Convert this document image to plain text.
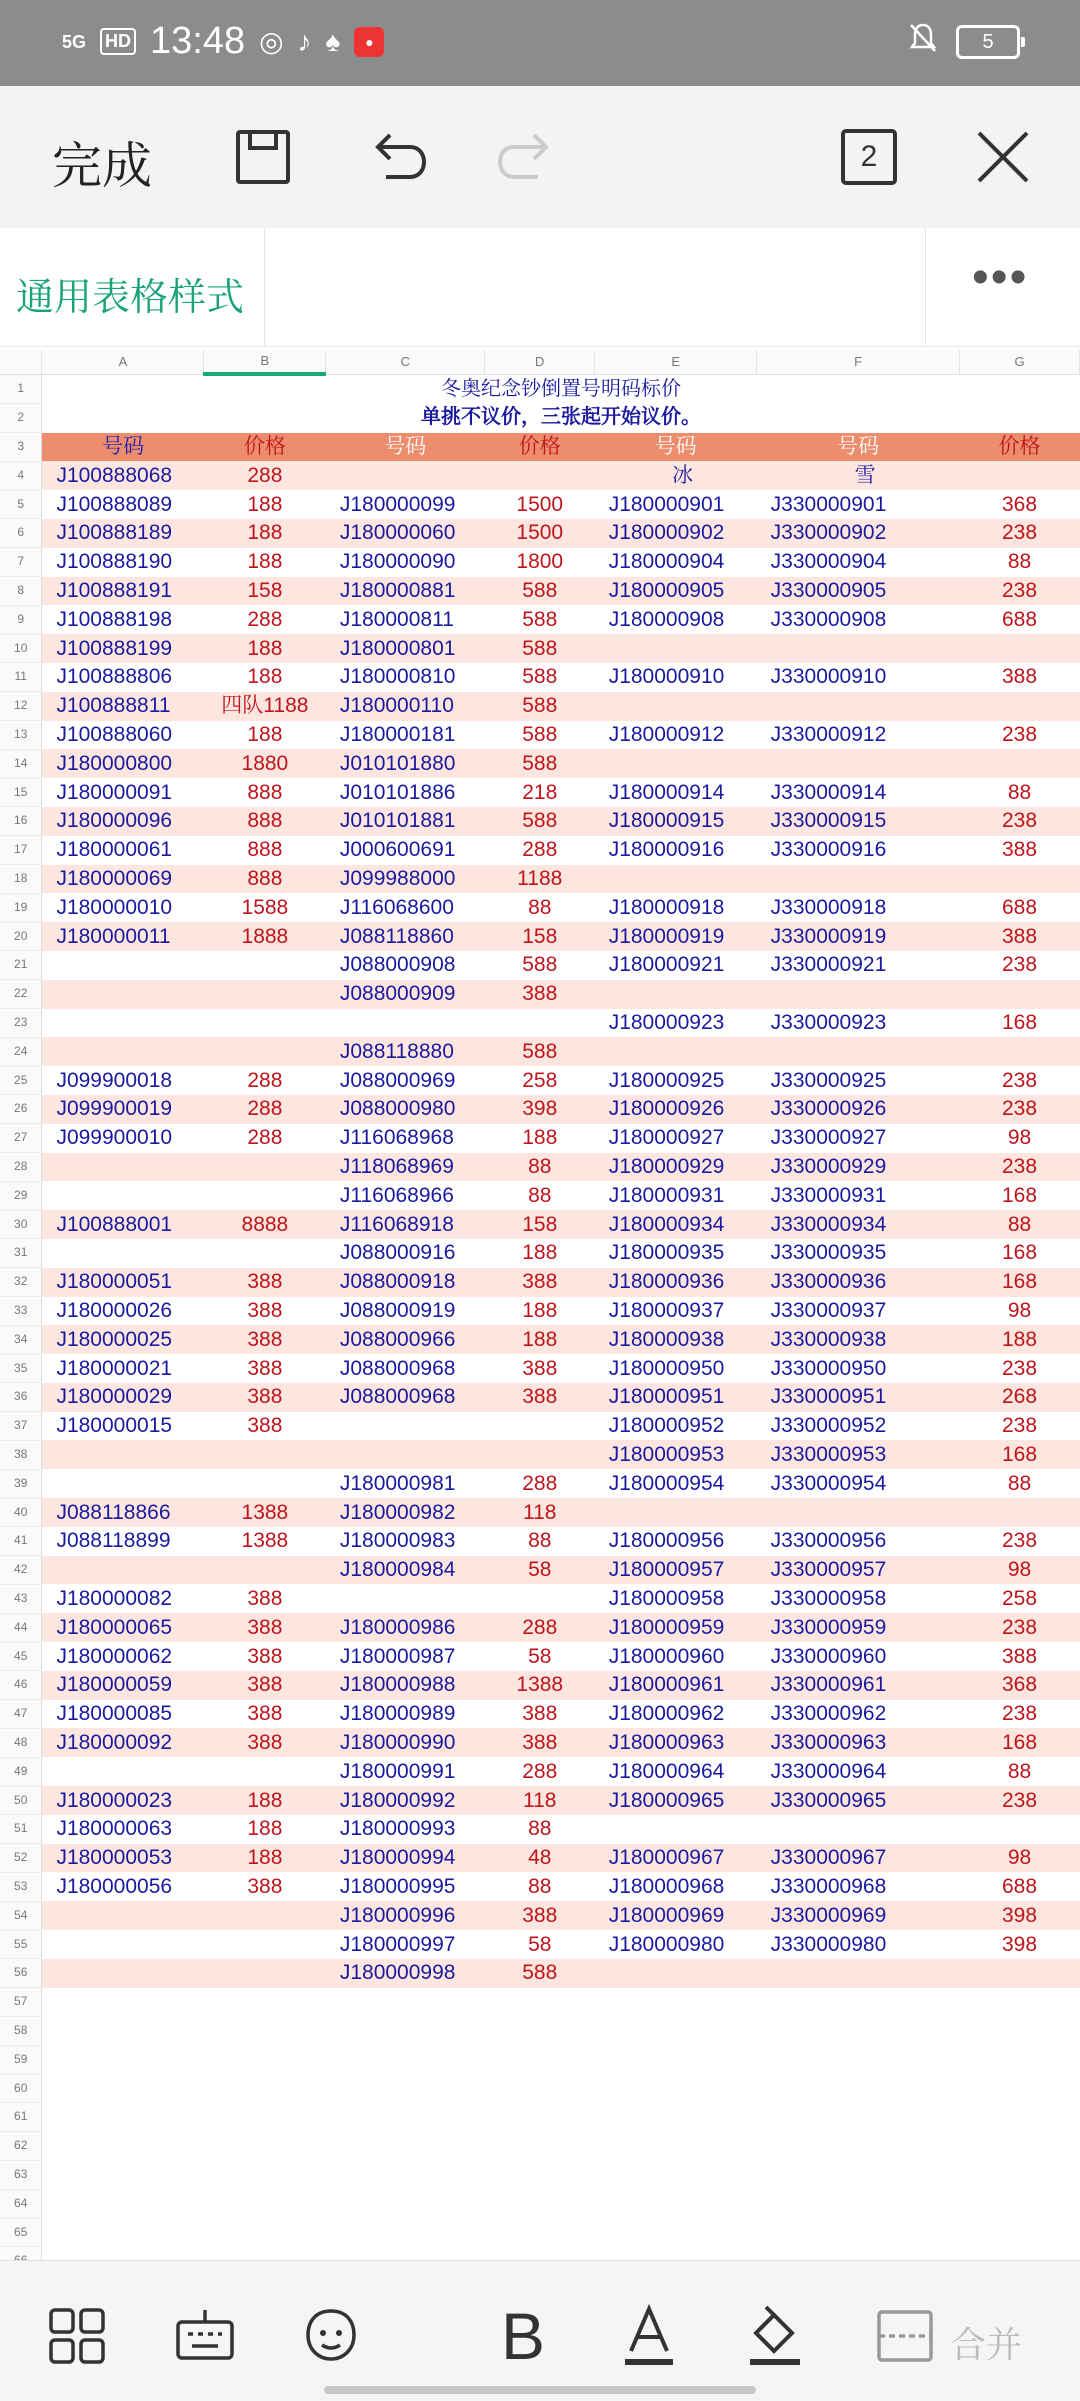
5G HD 13:48 ◎ ♪ ♠	●	5
完成	2
通用表格样式	•••
	A	B	C	D	E	F	G
1	冬奥纪念钞倒置号明码标价						
2	单挑不议价，三张起开始议价。						
3	号码	价格	号码	价格	号码	号码	价格
4	J100888068	288			冰	雪	
5	J100888089	188	J180000099	1500	J180000901	J330000901	368
6	J100888189	188	J180000060	1500	J180000902	J330000902	238
7	J100888190	188	J180000090	1800	J180000904	J330000904	88
8	J100888191	158	J180000881	588	J180000905	J330000905	238
9	J100888198	288	J180000811	588	J180000908	J330000908	688
10	J100888199	188	J180000801	588			
11	J100888806	188	J180000810	588	J180000910	J330000910	388
12	J100888811	四队1188	J180000110	588			
13	J100888060	188	J180000181	588	J180000912	J330000912	238
14	J180000800	1880	J010101880	588			
15	J180000091	888	J010101886	218	J180000914	J330000914	88
16	J180000096	888	J010101881	588	J180000915	J330000915	238
17	J180000061	888	J000600691	288	J180000916	J330000916	388
18	J180000069	888	J099988000	1188			
19	J180000010	1588	J116068600	88	J180000918	J330000918	688
20	J180000011	1888	J088118860	158	J180000919	J330000919	388
21			J088000908	588	J180000921	J330000921	238
22			J088000909	388			
23					J180000923	J330000923	168
24			J088118880	588			
25	J099900018	288	J088000969	258	J180000925	J330000925	238
26	J099900019	288	J088000980	398	J180000926	J330000926	238
27	J099900010	288	J116068968	188	J180000927	J330000927	98
28			J118068969	88	J180000929	J330000929	238
29			J116068966	88	J180000931	J330000931	168
30	J100888001	8888	J116068918	158	J180000934	J330000934	88
31			J088000916	188	J180000935	J330000935	168
32	J180000051	388	J088000918	388	J180000936	J330000936	168
33	J180000026	388	J088000919	188	J180000937	J330000937	98
34	J180000025	388	J088000966	188	J180000938	J330000938	188
35	J180000021	388	J088000968	388	J180000950	J330000950	238
36	J180000029	388	J088000968	388	J180000951	J330000951	268
37	J180000015	388			J180000952	J330000952	238
38					J180000953	J330000953	168
39			J180000981	288	J180000954	J330000954	88
40	J088118866	1388	J180000982	118			
41	J088118899	1388	J180000983	88	J180000956	J330000956	238
42			J180000984	58	J180000957	J330000957	98
43	J180000082	388			J180000958	J330000958	258
44	J180000065	388	J180000986	288	J180000959	J330000959	238
45	J180000062	388	J180000987	58	J180000960	J330000960	388
46	J180000059	388	J180000988	1388	J180000961	J330000961	368
47	J180000085	388	J180000989	388	J180000962	J330000962	238
48	J180000092	388	J180000990	388	J180000963	J330000963	168
49			J180000991	288	J180000964	J330000964	88
50	J180000023	188	J180000992	118	J180000965	J330000965	238
51	J180000063	188	J180000993	88			
52	J180000053	188	J180000994	48	J180000967	J330000967	98
53	J180000056	388	J180000995	88	J180000968	J330000968	688
54			J180000996	388	J180000969	J330000969	398
55			J180000997	58	J180000980	J330000980	398
56			J180000998	588			
57							
58							
59							
60							
61							
62							
63							
64							
65							

B	合并
